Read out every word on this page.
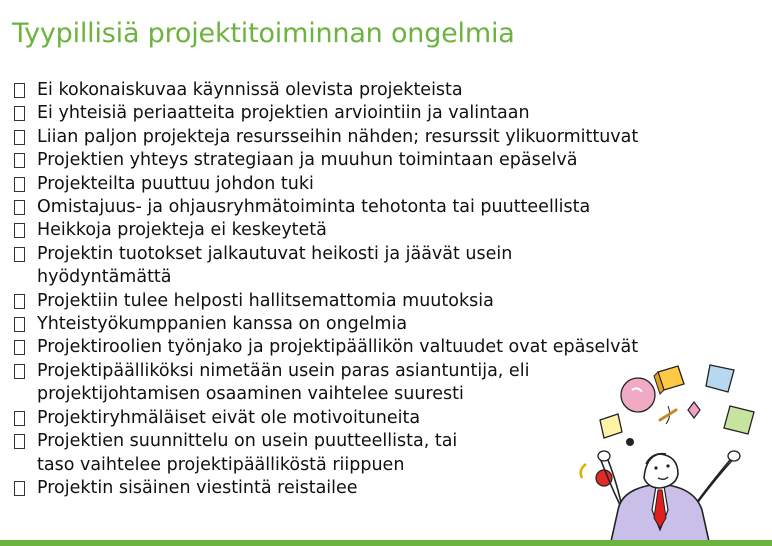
Tyypillisiä projektitoiminnan ongelmia
Ei kokonaiskuvaa käynnissä olevista projekteista
Ei yhteisiä periaatteita projektien arviointiin ja valintaan
Liian paljon projekteja resursseihin nähden; resurssit ylikuormittuvat
Projektien yhteys strategiaan ja muuhun toimintaan epäselvä
Projekteilta puuttuu johdon tuki
Omistajuus- ja ohjausryhmätoiminta tehotonta tai puutteellista
Heikkoja projekteja ei keskeytetä
Projektin tuotokset jalkautuvat heikosti ja jäävät usein
hyödyntämättä
Projektiin tulee helposti hallitsemattomia muutoksia
Yhteistyökumppanien kanssa on ongelmia
Projektiroolien työnjako ja projektipäällikön valtuudet ovat epäselvät
Projektipäälliköksi nimetään usein paras asiantuntija, eli
projektijohtamisen osaaminen vaihtelee suuresti
Projektiryhmäläiset eivät ole motivoituneita
Projektien suunnittelu on usein puutteellista, tai
taso vaihtelee projektipäälliköstä riippuen
Projektin sisäinen viestintä reistailee
